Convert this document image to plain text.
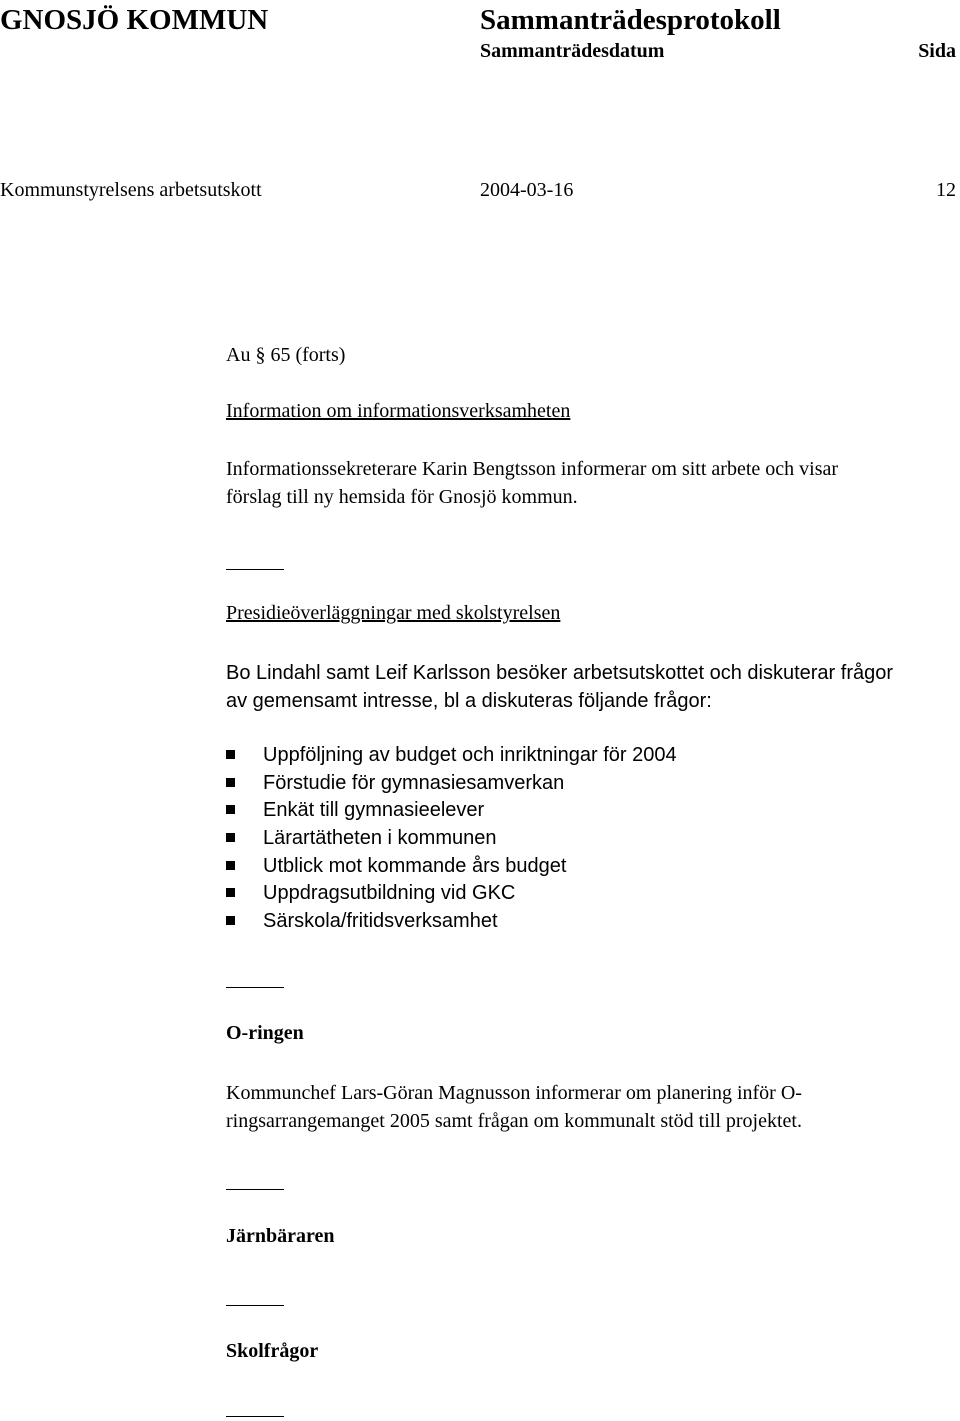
GNOSJÖ KOMMUN	Sammanträdesprotokoll
Sammanträdesdatum	Sida
Kommunstyrelsens arbetsutskott	2004-03-16	12
Au § 65 (forts)
Information om informationsverksamheten
Informationssekreterare Karin Bengtsson informerar om sitt arbete och visar
förslag till ny hemsida för Gnosjö kommun.
Presidieöverläggningar med skolstyrelsen
Bo Lindahl samt Leif Karlsson besöker arbetsutskottet och diskuterar frågor
av gemensamt intresse, bl a diskuteras följande frågor:
Uppföljning av budget och inriktningar för 2004
Förstudie för gymnasiesamverkan
Enkät till gymnasieelever
Lärartätheten i kommunen
Utblick mot kommande års budget
Uppdragsutbildning vid GKC
Särskola/fritidsverksamhet
O-ringen
Kommunchef Lars-Göran Magnusson informerar om planering inför O-
ringsarrangemanget 2005 samt frågan om kommunalt stöd till projektet.
Järnbäraren
Skolfrågor
